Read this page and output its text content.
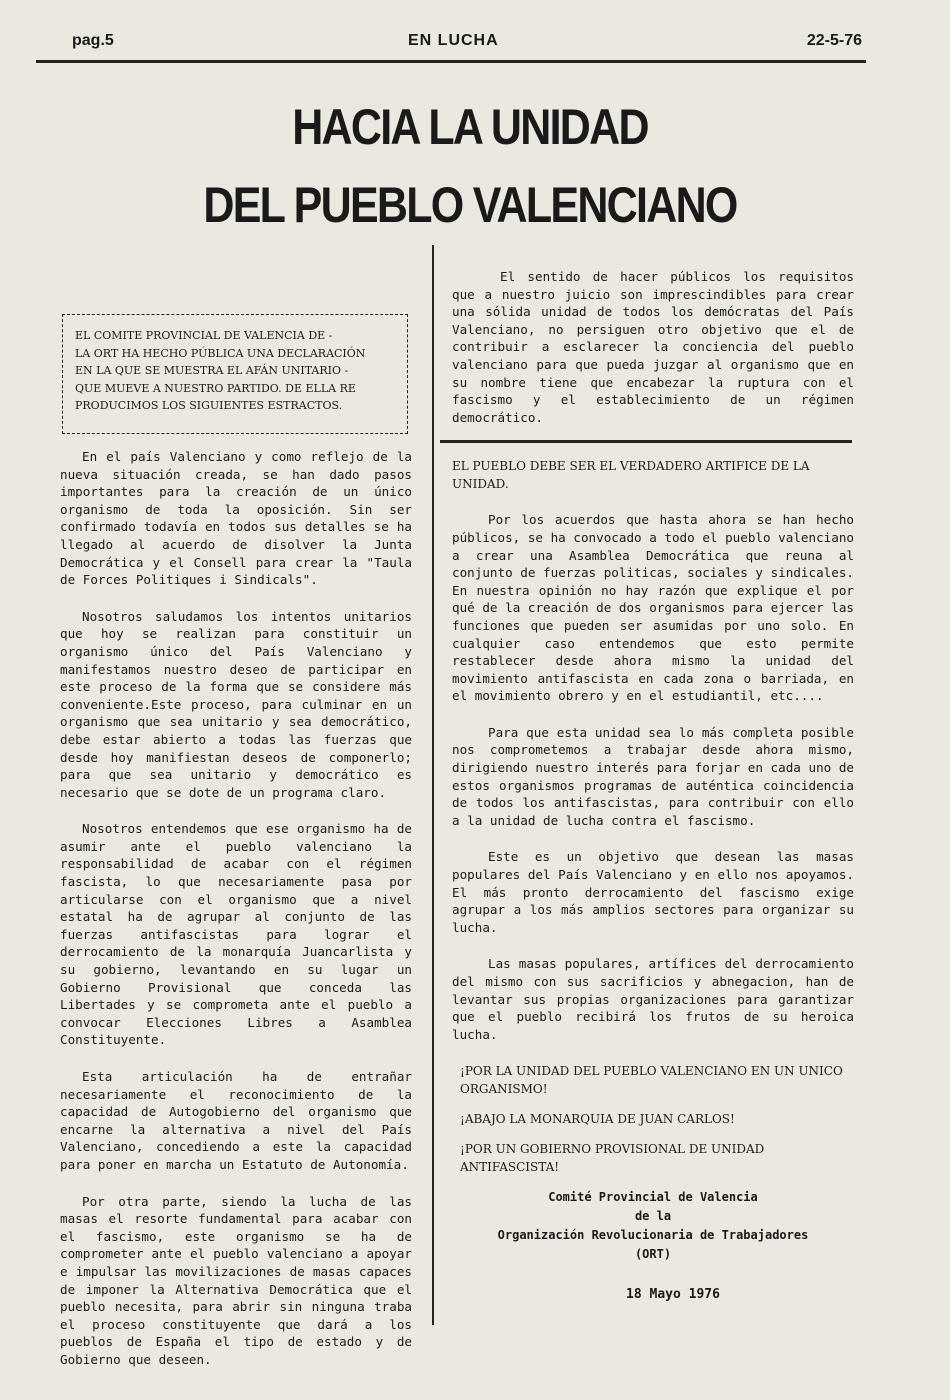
pag.5	EN LUCHA	22-5-76
HACIA LA UNIDAD
DEL PUEBLO VALENCIANO
EL COMITE PROVINCIAL DE VALENCIA DE -
LA ORT HA HECHO PÚBLICA UNA DECLARACIÓN
EN LA QUE SE MUESTRA EL AFÁN UNITARIO -
QUE MUEVE A NUESTRO PARTIDO. DE ELLA RE
PRODUCIMOS LOS SIGUIENTES ESTRACTOS.

En el país Valenciano y como reflejo de la nueva situación creada, se han dado pasos importantes para la creación de un único organismo de toda la oposición. Sin ser confirmado todavía en todos sus detalles se ha llegado al acuerdo de disolver la Junta Democrática y el Consell para crear la "Taula de Forces Politiques i Sindicals".

Nosotros saludamos los intentos unitarios que hoy se realizan para constituir un organismo único del País Valenciano y manifestamos nuestro deseo de participar en este proceso de la forma que se considere más conveniente.Este proceso, para culminar en un organismo que sea unitario y sea democrático, debe estar abierto a todas las fuerzas que desde hoy manifiestan deseos de componerlo; para que sea unitario y democrático es necesario que se dote de un programa claro.

Nosotros entendemos que ese organismo ha de asumir ante el pueblo valenciano la responsabilidad de acabar con el régimen fascista, lo que necesariamente pasa por articularse con el organismo que a nivel estatal ha de agrupar al conjunto de las fuerzas antifascistas para lograr el derrocamiento de la monarquía Juancarlista y su gobierno, levantando en su lugar un Gobierno Provisional que conceda las Libertades y se comprometa ante el pueblo a convocar Elecciones Libres a Asamblea Constituyente.

Esta articulación ha de entrañar necesariamente el reconocimiento de la capacidad de Autogobierno del organismo que encarne la alternativa a nivel del País Valenciano, concediendo a este la capacidad para poner en marcha un Estatuto de Autonomía.

Por otra parte, siendo la lucha de las masas el resorte fundamental para acabar con el fascismo, este organismo se ha de comprometer ante el pueblo valenciano a apoyar e impulsar las movilizaciones de masas capaces de imponer la Alternativa Democrática que el pueblo necesita, para abrir sin ninguna traba el proceso constituyente que dará a los pueblos de España el tipo de estado y de Gobierno que deseen.

El sentido de hacer públicos los requisitos que a nuestro juicio son imprescindibles para crear una sólida unidad de todos los demócratas del País Valenciano, no persiguen otro objetivo que el de contribuir a esclarecer la conciencia del pueblo valenciano para que pueda juzgar al organismo que en su nombre tiene que encabezar la ruptura con el fascismo y el establecimiento de un régimen democrático.

EL PUEBLO DEBE SER EL VERDADERO ARTIFICE DE LA UNIDAD.

Por los acuerdos que hasta ahora se han hecho públicos, se ha convocado a todo el pueblo valenciano a crear una Asamblea Democrática que reuna al conjunto de fuerzas politicas, sociales y sindicales. En nuestra opinión no hay razón que explique el por qué de la creación de dos organismos para ejercer las funciones que pueden ser asumidas por uno solo. En cualquier caso entendemos que esto permite restablecer desde ahora mismo la unidad del movimiento antifascista en cada zona o barriada, en el movimiento obrero y en el estudiantil, etc....

Para que esta unidad sea lo más completa posible nos comprometemos a trabajar desde ahora mismo, dirigiendo nuestro interés para forjar en cada uno de estos organismos programas de auténtica coincidencia de todos los antifascistas, para contribuir con ello a la unidad de lucha contra el fascismo.

Este es un objetivo que desean las masas populares del País Valenciano y en ello nos apoyamos. El más pronto derrocamiento del fascismo exige agrupar a los más amplios sectores para organizar su lucha.

Las masas populares, artífices del derrocamiento del mismo con sus sacrificios y abnegacion, han de levantar sus propias organizaciones para garantizar que el pueblo recibirá los frutos de su heroica lucha.

¡POR LA UNIDAD DEL PUEBLO VALENCIANO EN UN UNICO ORGANISMO!
¡ABAJO LA MONARQUIA DE JUAN CARLOS!
¡POR UN GOBIERNO PROVISIONAL DE UNIDAD ANTIFASCISTA!
Comité Provincial de Valencia
de la
Organización Revolucionaria de Trabajadores
(ORT)
18 Mayo 1976
